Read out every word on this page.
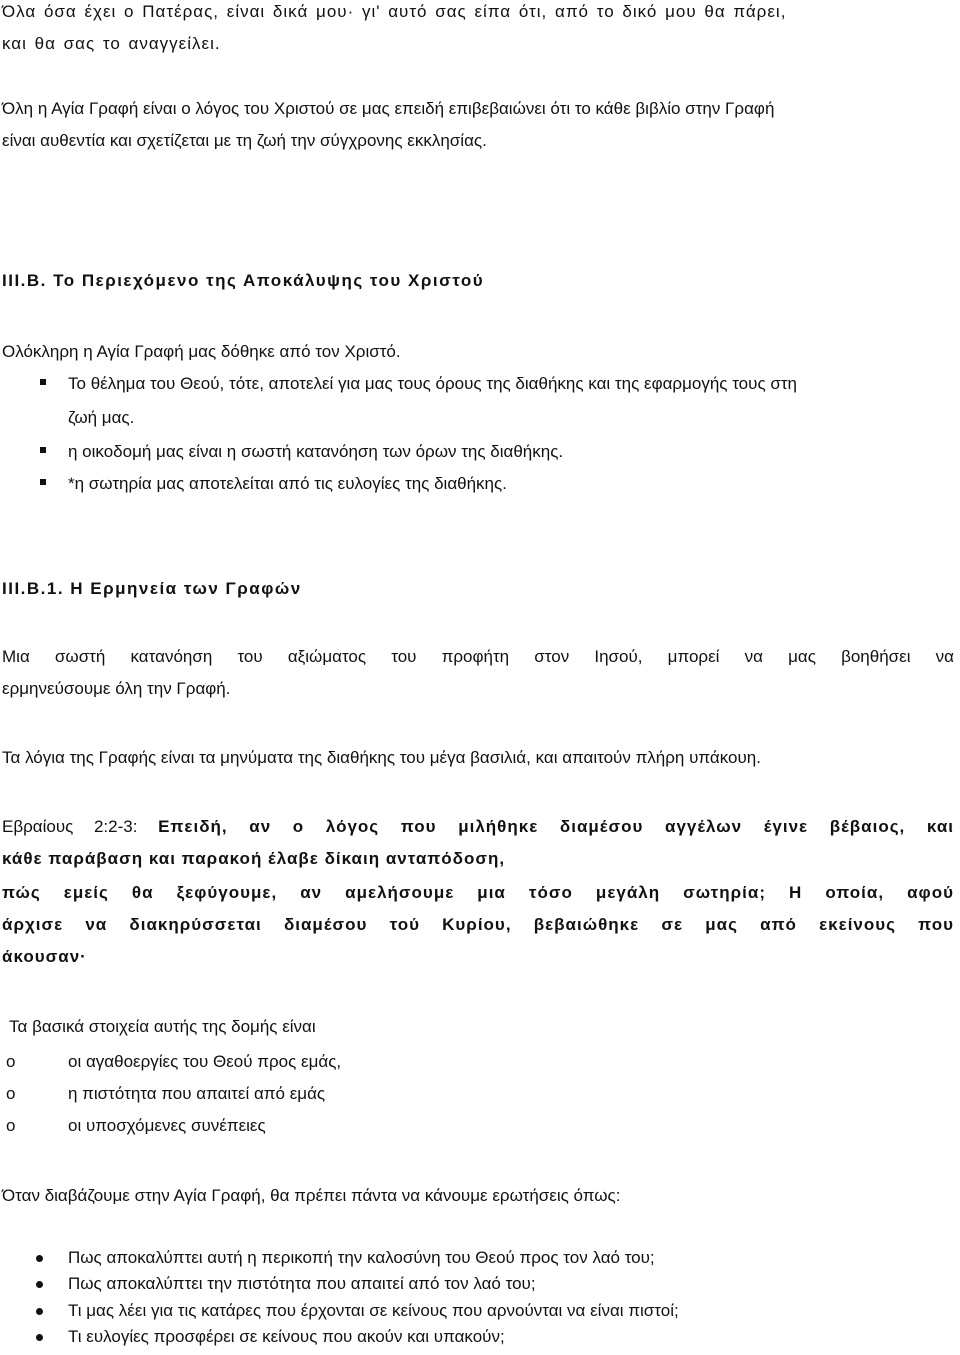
Όλα όσα έχει ο Πατέρας, είναι δικά μου· γι' αυτό σας είπα ότι, από το δικό μου θα πάρει,

και θα σας το αναγγείλει.

Όλη η Αγία Γραφή είναι ο λόγος του Χριστού σε μας επειδή επιβεβαιώνει ότι το κάθε βιβλίο στην Γραφή

είναι αυθεντία και σχετίζεται με τη ζωή την σύγχρονης εκκλησίας.

III.B. Το Περιεχόμενο της Αποκάλυψης του Χριστού

Ολόκληρη η Αγία Γραφή μας δόθηκε από τον Χριστό.

Το θέλημα του Θεού, τότε, αποτελεί για μας τους όρους της διαθήκης και της εφαρμογής τους στη

ζωή μας.

η οικοδομή μας είναι η σωστή κατανόηση των όρων της διαθήκης.

*η σωτηρία μας αποτελείται από τις ευλογίες της διαθήκης.

III.B.1. Η Ερμηνεία των Γραφών

Μια σωστή κατανόηση του αξιώματος του προφήτη στον Ιησού, μπορεί να μας βοηθήσει να

ερμηνεύσουμε όλη την Γραφή.

Τα λόγια της Γραφής είναι τα μηνύματα της διαθήκης του μέγα βασιλιά, και απαιτούν πλήρη υπάκουη.

Εβραίους 2:2-3: Επειδή, αν ο λόγος που μιλήθηκε διαμέσου αγγέλων έγινε βέβαιος, και

κάθε παράβαση και παρακοή έλαβε δίκαιη ανταπόδοση,

πώς εμείς θα ξεφύγουμε, αν αμελήσουμε μια τόσο μεγάλη σωτηρία; Η οποία, αφού

άρχισε να διακηρύσσεται διαμέσου τού Κυρίου, βεβαιώθηκε σε μας από εκείνους που

άκουσαν·

Τα βασικά στοιχεία αυτής της δομής είναι

o	οι αγαθοεργίες του Θεού προς εμάς,

o	η πιστότητα που απαιτεί από εμάς

o	οι υποσχόμενες συνέπειες

Όταν διαβάζουμε στην Αγία Γραφή, θα πρέπει πάντα να κάνουμε ερωτήσεις όπως:

Πως αποκαλύπτει αυτή η περικοπή την καλοσύνη του Θεού προς τον λαό του;

Πως αποκαλύπτει την πιστότητα που απαιτεί από τον λαό του;

Τι μας λέει για τις κατάρες που έρχονται σε κείνους που αρνούνται να είναι πιστοί;

Τι ευλογίες προσφέρει σε κείνους που ακούν και υπακούν;
